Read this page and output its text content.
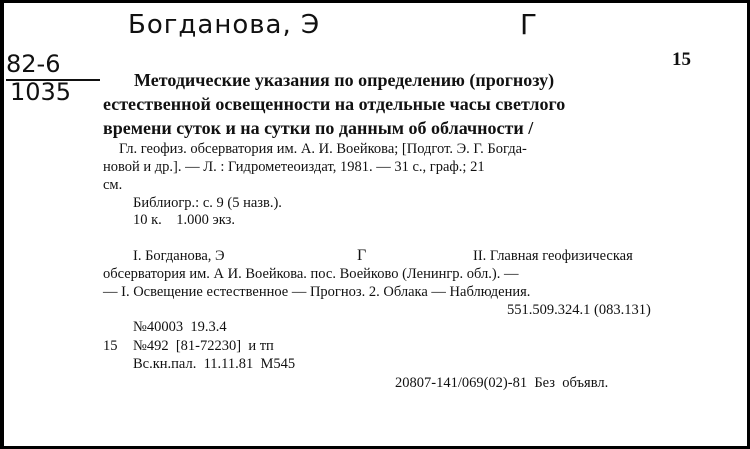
Богданова, Э	Г
82-6
1035
15
Методические указания по определению (прогнозу)
естественной освещенности на отдельные часы светлого
времени суток и на сутки по данным об облачности /
Гл. геофиз. обсерватория им. А. И. Воейкова; [Подгот. Э. Г. Богда-
новой и др.]. — Л. : Гидрометеоиздат, 1981. — 31 с., граф.; 21
см.
Библиогр.: с. 9 (5 назв.).
10 к.    1.000 экз.
I. Богданова, Э	Г	II. Главная геофизическая
обсерватория им. А И. Воейкова. пос. Воейково (Ленингр. обл.). —
— I. Освещение естественное — Прогноз. 2. Облака — Наблюдения.
551.509.324.1 (083.131)
№40003  19.3.4
15 №492  [81-72230]  и тп
Вс.кн.пал.  11.11.81  М545
20807-141/069(02)-81  Без  объявл.
